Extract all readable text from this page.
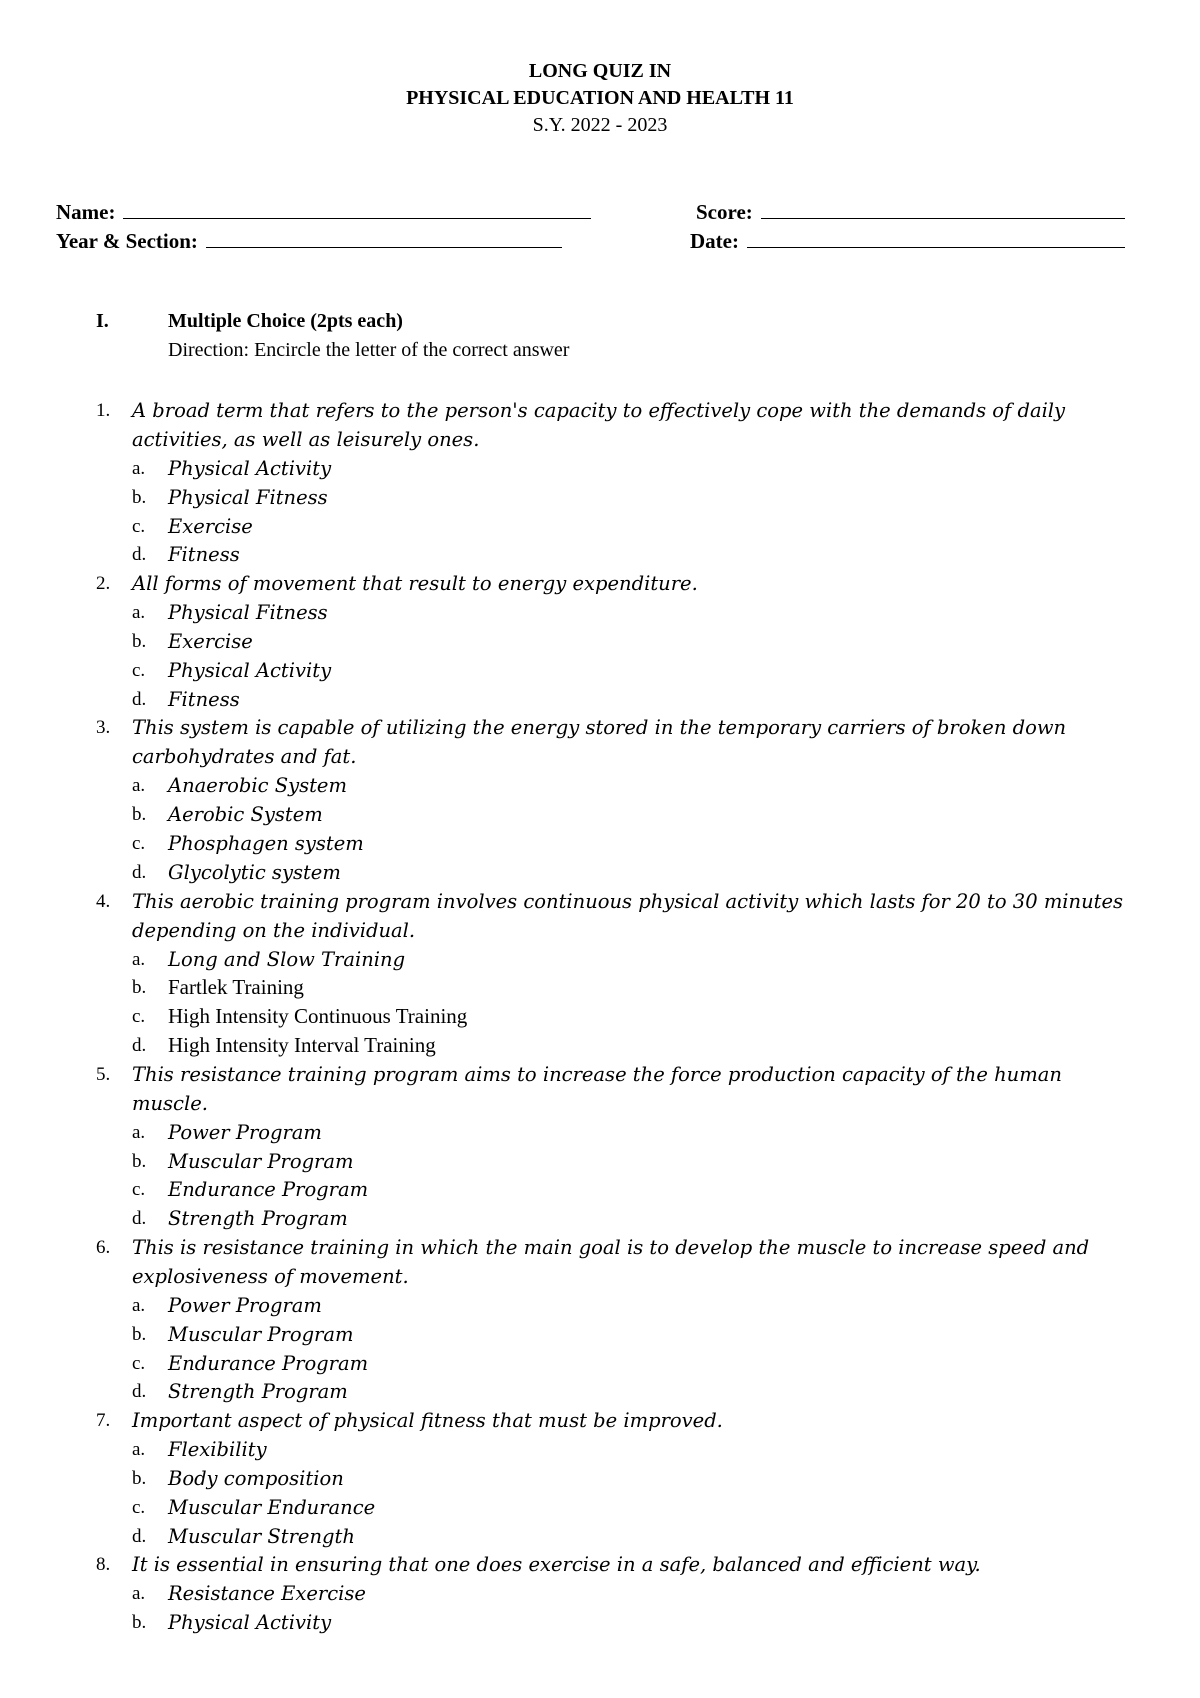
LONG QUIZ IN
PHYSICAL EDUCATION AND HEALTH 11
S.Y. 2022 - 2023
Name:	Score:
Year & Section:	Date:
I.	Multiple Choice (2pts each)
Direction: Encircle the letter of the correct answer
1. A broad term that refers to the person's capacity to effectively cope with the demands of daily activities, as well as leisurely ones.
a. Physical Activity
b. Physical Fitness
c. Exercise
d. Fitness
2. All forms of movement that result to energy expenditure.
a. Physical Fitness
b. Exercise
c. Physical Activity
d. Fitness
3. This system is capable of utilizing the energy stored in the temporary carriers of broken down carbohydrates and fat.
a. Anaerobic System
b. Aerobic System
c. Phosphagen system
d. Glycolytic system
4. This aerobic training program involves continuous physical activity which lasts for 20 to 30 minutes depending on the individual.
a. Long and Slow Training
b. Fartlek Training
c. High Intensity Continuous Training
d. High Intensity Interval Training
5. This resistance training program aims to increase the force production capacity of the human muscle.
a. Power Program
b. Muscular Program
c. Endurance Program
d. Strength Program
6. This is resistance training in which the main goal is to develop the muscle to increase speed and explosiveness of movement.
a. Power Program
b. Muscular Program
c. Endurance Program
d. Strength Program
7. Important aspect of physical fitness that must be improved.
a. Flexibility
b. Body composition
c. Muscular Endurance
d. Muscular Strength
8. It is essential in ensuring that one does exercise in a safe, balanced and efficient way.
a. Resistance Exercise
b. Physical Activity
